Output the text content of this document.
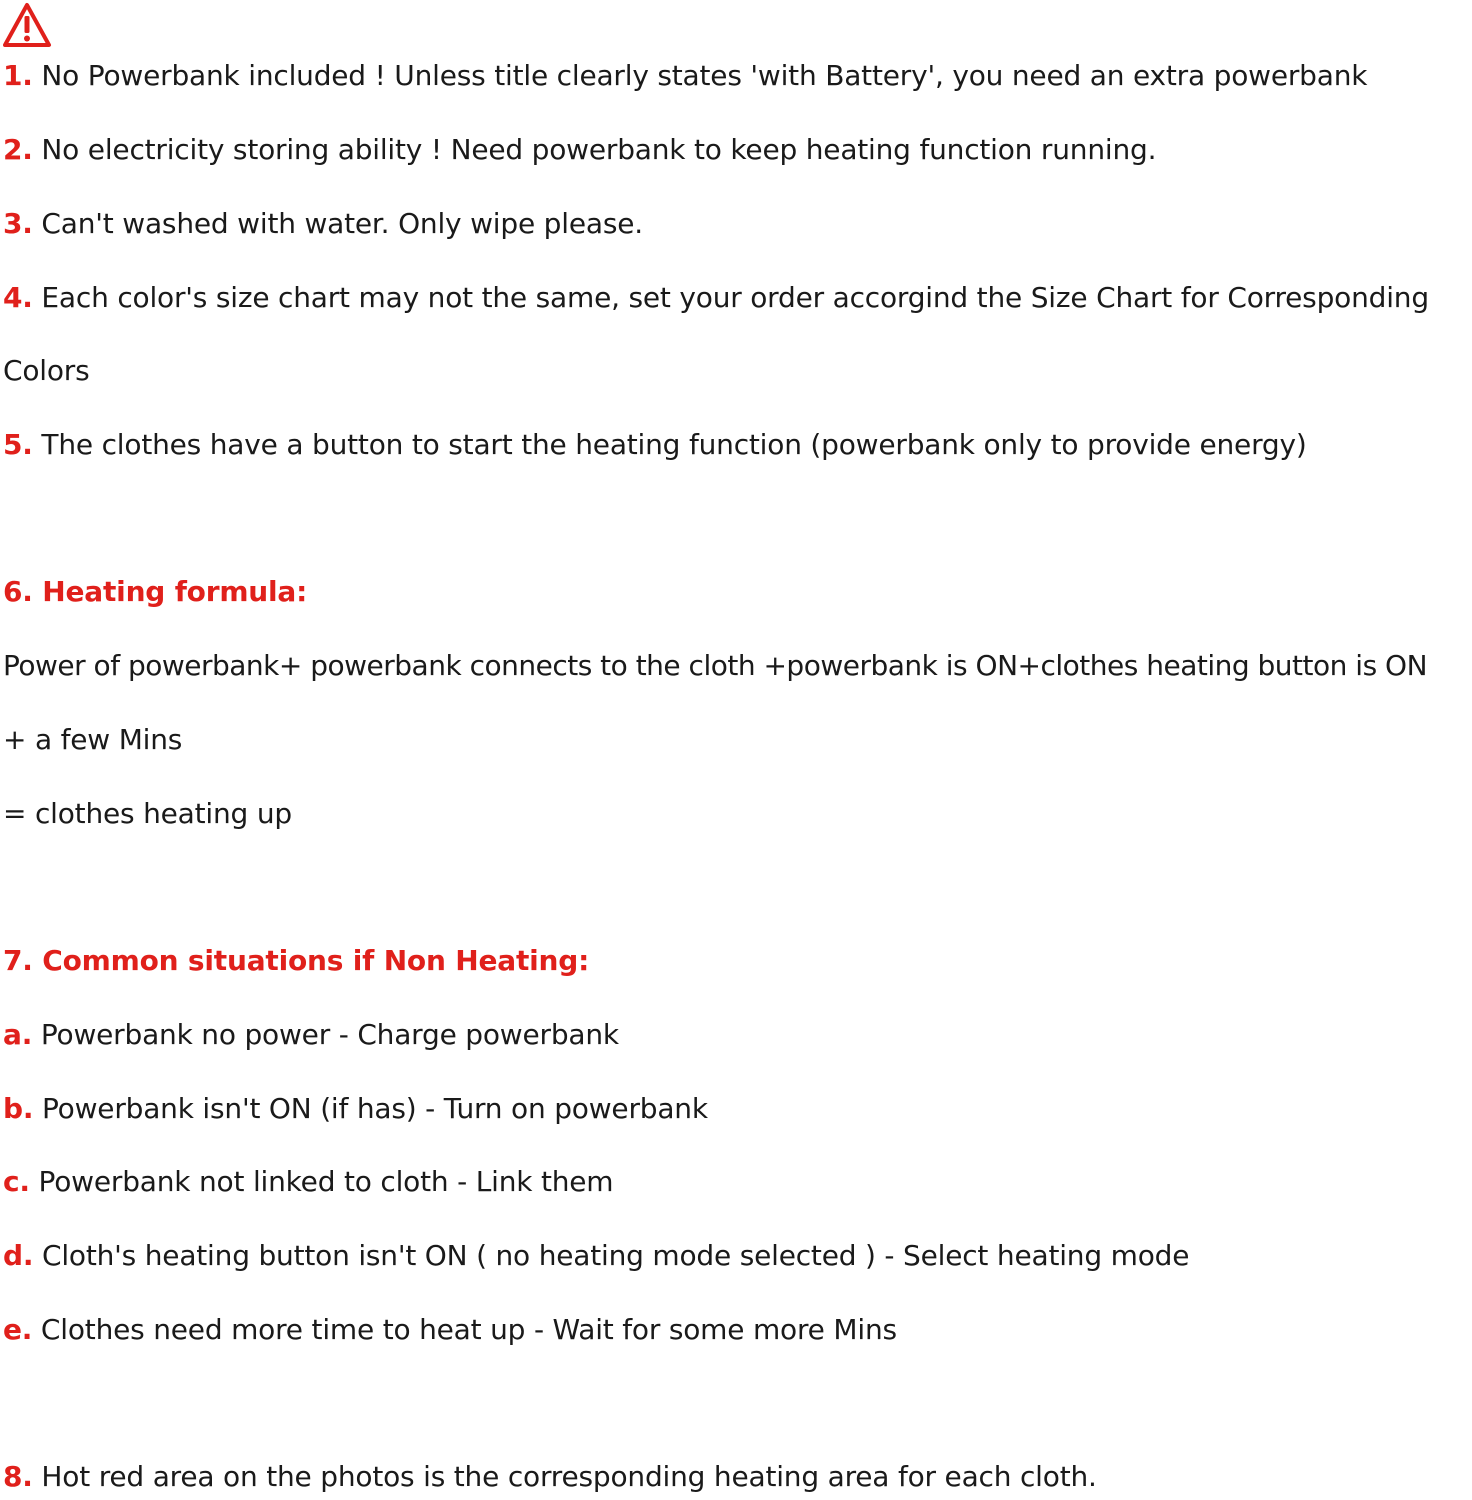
1. No Powerbank included ! Unless title clearly states 'with Battery', you need an extra powerbank
2. No electricity storing ability ! Need powerbank to keep heating function running.
3. Can't washed with water. Only wipe please.
4. Each color's size chart may not the same, set your order accorgind the Size Chart for Corresponding
Colors
5. The clothes have a button to start the heating function (powerbank only to provide energy)
6. Heating formula:
Power of powerbank+ powerbank connects to the cloth +powerbank is ON+clothes heating button is ON
+ a few Mins
= clothes heating up
7. Common situations if Non Heating:
a. Powerbank no power - Charge powerbank
b. Powerbank isn't ON (if has) - Turn on powerbank
c. Powerbank not linked to cloth - Link them
d. Cloth's heating button isn't ON ( no heating mode selected ) - Select heating mode
e. Clothes need more time to heat up - Wait for some more Mins
8. Hot red area on the photos is the corresponding heating area for each cloth.
